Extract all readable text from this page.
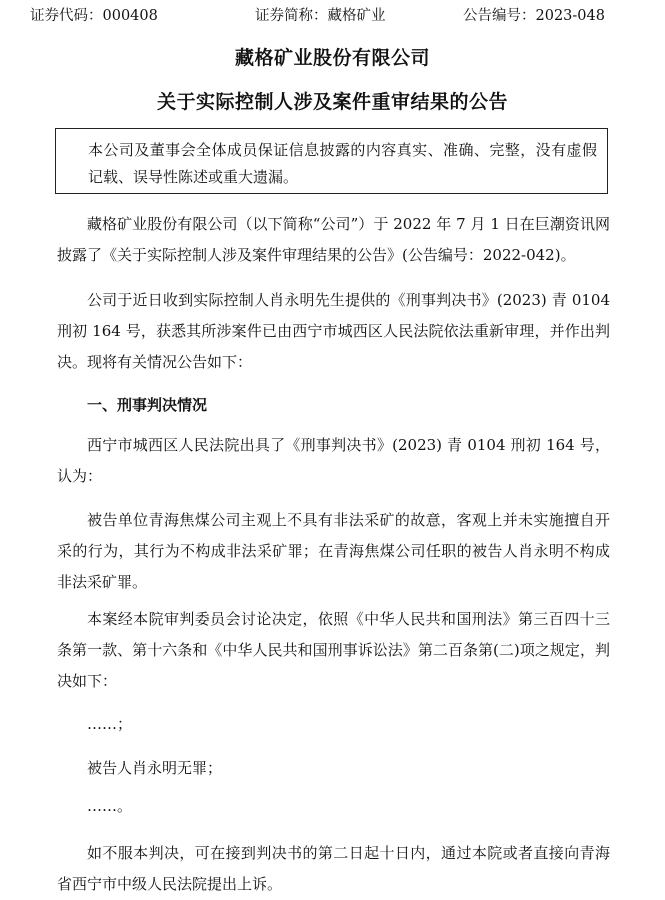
证券代码：000408	证券简称：藏格矿业	公告编号：2023-048
藏格矿业股份有限公司
关于实际控制人涉及案件重审结果的公告
本公司及董事会全体成员保证信息披露的内容真实、准确、完整，没有虚假记载、误导性陈述或重大遗漏。
藏格矿业股份有限公司（以下简称“公司”）于 2022 年 7 月 1 日在巨潮资讯网披露了《关于实际控制人涉及案件审理结果的公告》(公告编号：2022-042)。
公司于近日收到实际控制人肖永明先生提供的《刑事判决书》(2023) 青 0104 刑初 164 号，获悉其所涉案件已由西宁市城西区人民法院依法重新审理，并作出判决。现将有关情况公告如下：
一、刑事判决情况
西宁市城西区人民法院出具了《刑事判决书》(2023) 青 0104 刑初 164 号，认为：
被告单位青海焦煤公司主观上不具有非法采矿的故意，客观上并未实施擅自开采的行为，其行为不构成非法采矿罪；在青海焦煤公司任职的被告人肖永明不构成非法采矿罪。
本案经本院审判委员会讨论决定，依照《中华人民共和国刑法》第三百四十三条第一款、第十六条和《中华人民共和国刑事诉讼法》第二百条第(二)项之规定，判决如下：
……；
被告人肖永明无罪；
……。
如不服本判决，可在接到判决书的第二日起十日内，通过本院或者直接向青海省西宁市中级人民法院提出上诉。
